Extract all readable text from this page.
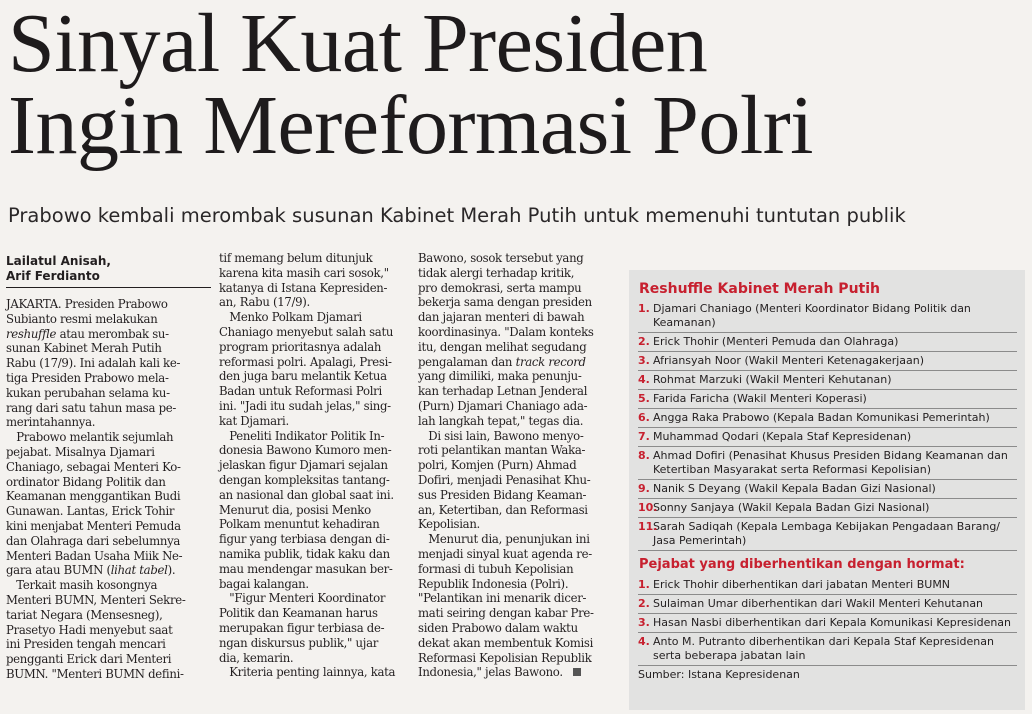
Sinyal Kuat Presiden
Ingin Mereformasi Polri

Prabowo kembali merombak susunan Kabinet Merah Putih untuk memenuhi tuntutan publik

Lailatul Anisah,
Arif Ferdianto
JAKARTA. Presiden Prabowo
Subianto resmi melakukan
reshuffle atau merombak su-
sunan Kabinet Merah Putih
Rabu (17/9). Ini adalah kali ke-
tiga Presiden Prabowo mela-
kukan perubahan selama ku-
rang dari satu tahun masa pe-
merintahannya.
Prabowo melantik sejumlah
pejabat. Misalnya Djamari
Chaniago, sebagai Menteri Ko-
ordinator Bidang Politik dan
Keamanan menggantikan Budi
Gunawan. Lantas, Erick Tohir
kini menjabat Menteri Pemuda
dan Olahraga dari sebelumnya
Menteri Badan Usaha Miik Ne-
gara atau BUMN (lihat tabel).
Terkait masih kosongnya
Menteri BUMN, Menteri Sekre-
tariat Negara (Mensesneg),
Prasetyo Hadi menyebut saat
ini Presiden tengah mencari
pengganti Erick dari Menteri
BUMN. "Menteri BUMN defini-
tif memang belum ditunjuk
karena kita masih cari sosok,"
katanya di Istana Kepresiden-
an, Rabu (17/9).
Menko Polkam Djamari
Chaniago menyebut salah satu
program prioritasnya adalah
reformasi polri. Apalagi, Presi-
den juga baru melantik Ketua
Badan untuk Reformasi Polri
ini. "Jadi itu sudah jelas," sing-
kat Djamari.
Peneliti Indikator Politik In-
donesia Bawono Kumoro men-
jelaskan figur Djamari sejalan
dengan kompleksitas tantang-
an nasional dan global saat ini.
Menurut dia, posisi Menko
Polkam menuntut kehadiran
figur yang terbiasa dengan di-
namika publik, tidak kaku dan
mau mendengar masukan ber-
bagai kalangan.
"Figur Menteri Koordinator
Politik dan Keamanan harus
merupakan figur terbiasa de-
ngan diskursus publik," ujar
dia, kemarin.
Kriteria penting lainnya, kata
Bawono, sosok tersebut yang
tidak alergi terhadap kritik,
pro demokrasi, serta mampu
bekerja sama dengan presiden
dan jajaran menteri di bawah
koordinasinya. "Dalam konteks
itu, dengan melihat segudang
pengalaman dan track record
yang dimiliki, maka penunju-
kan terhadap Letnan Jenderal
(Purn) Djamari Chaniago ada-
lah langkah tepat," tegas dia.
Di sisi lain, Bawono menyo-
roti pelantikan mantan Waka-
polri, Komjen (Purn) Ahmad
Dofiri, menjadi Penasihat Khu-
sus Presiden Bidang Keaman-
an, Ketertiban, dan Reformasi
Kepolisian.
Menurut dia, penunjukan ini
menjadi sinyal kuat agenda re-
formasi di tubuh Kepolisian
Republik Indonesia (Polri).
"Pelantikan ini menarik dicer-
mati seiring dengan kabar Pre-
siden Prabowo dalam waktu
dekat akan membentuk Komisi
Reformasi Kepolisian Republik
Indonesia," jelas Bawono.
Reshuffle Kabinet Merah Putih
1. Djamari Chaniago (Menteri Koordinator Bidang Politik dan
Keamanan)
2. Erick Thohir (Menteri Pemuda dan Olahraga)
3. Afriansyah Noor (Wakil Menteri Ketenagakerjaan)
4. Rohmat Marzuki (Wakil Menteri Kehutanan)
5. Farida Faricha (Wakil Menteri Koperasi)
6. Angga Raka Prabowo (Kepala Badan Komunikasi Pemerintah)
7. Muhammad Qodari (Kepala Staf Kepresidenan)
8. Ahmad Dofiri (Penasihat Khusus Presiden Bidang Keamanan dan
Ketertiban Masyarakat serta Reformasi Kepolisian)
9. Nanik S Deyang (Wakil Kepala Badan Gizi Nasional)
10.
Sonny Sanjaya (Wakil Kepala Badan Gizi Nasional)
11.
Sarah Sadiqah (Kepala Lembaga Kebijakan Pengadaan Barang/
Jasa Pemerintah)
Pejabat yang diberhentikan dengan hormat:
1. Erick Thohir diberhentikan dari jabatan Menteri BUMN
2. Sulaiman Umar diberhentikan dari Wakil Menteri Kehutanan
3. Hasan Nasbi diberhentikan dari Kepala Komunikasi Kepresidenan
4. Anto M. Putranto diberhentikan dari Kepala Staf Kepresidenan
serta beberapa jabatan lain
Sumber: Istana Kepresidenan
